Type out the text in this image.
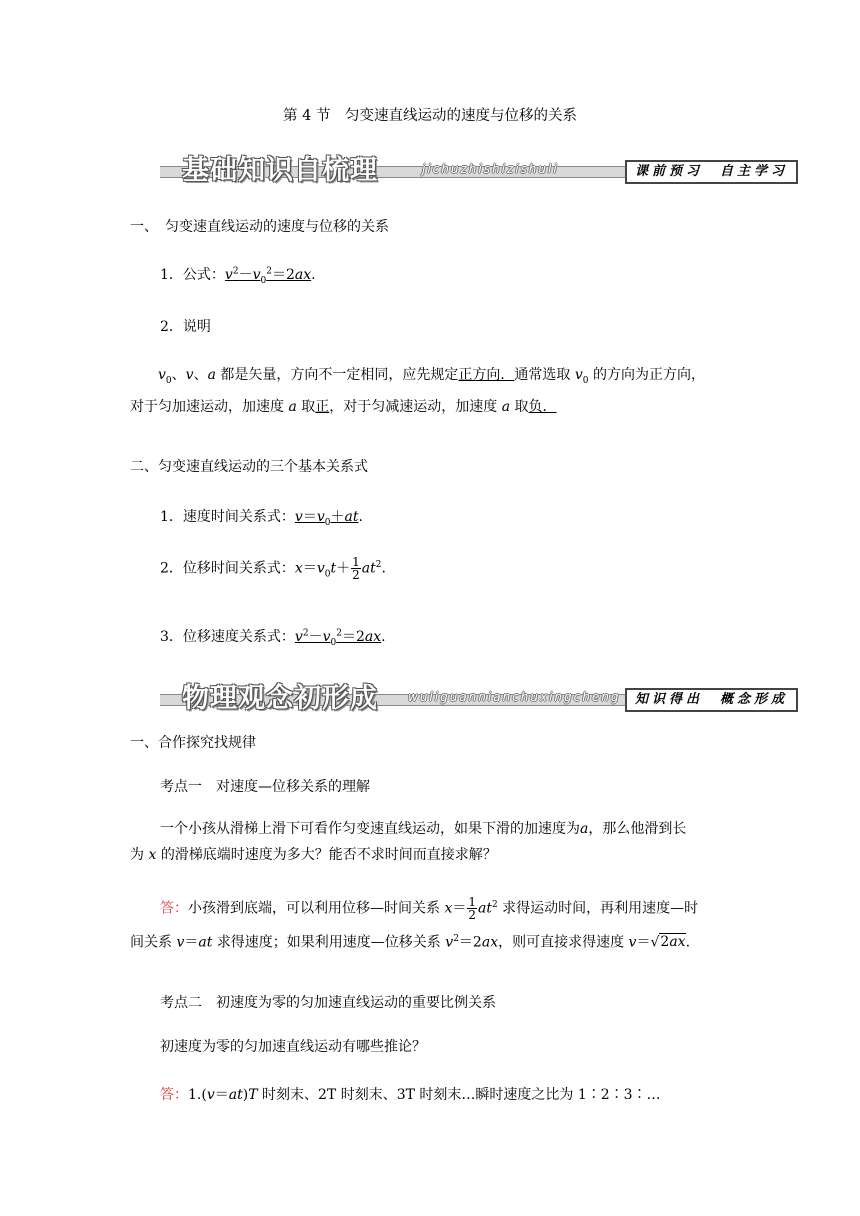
第 4 节　匀变速直线运动的速度与位移的关系
基础知识自梳理	jichuzhishizishuli	课前预习　自主学习
一、　匀变速直线运动的速度与位移的关系
1．公式：$v^2-v_0^2=2ax$.
2．说明
$v_0$、v、a 都是矢量，方向不一定相同，应先规定正方向．通常选取 $v_0$ 的方向为正方向，
对于匀加速运动，加速度 a 取正，对于匀减速运动，加速度 a 取负．
二、匀变速直线运动的三个基本关系式
1．速度时间关系式：$v=v_0+at$.
2．位移时间关系式：$x=v_0t+ \frac{1}{2} at^2$.
3．位移速度关系式：$v^2-v_0^2=2ax$.
物理观念初形成	wuliguannianchuxingcheng	知识得出　概念形成
一、合作探究找规律
考点一　对速度—位移关系的理解
一个小孩从滑梯上滑下可看作匀变速直线运动，如果下滑的加速度为a，那么他滑到长
为 x 的滑梯底端时速度为多大？能否不求时间而直接求解？
答：小孩滑到底端，可以利用位移—时间关系 $x= \frac{1}{2} at^2$ 求得运动时间，再利用速度—时
间关系 v＝at 求得速度；如果利用速度—位移关系 $v^2=2ax$，则可直接求得速度 v＝√2ax.
考点二　初速度为零的匀加速直线运动的重要比例关系
初速度为零的匀加速直线运动有哪些推论？
答：1.(v＝at)T 时刻末、2T 时刻末、3T 时刻末…瞬时速度之比为 1∶2∶3∶…
